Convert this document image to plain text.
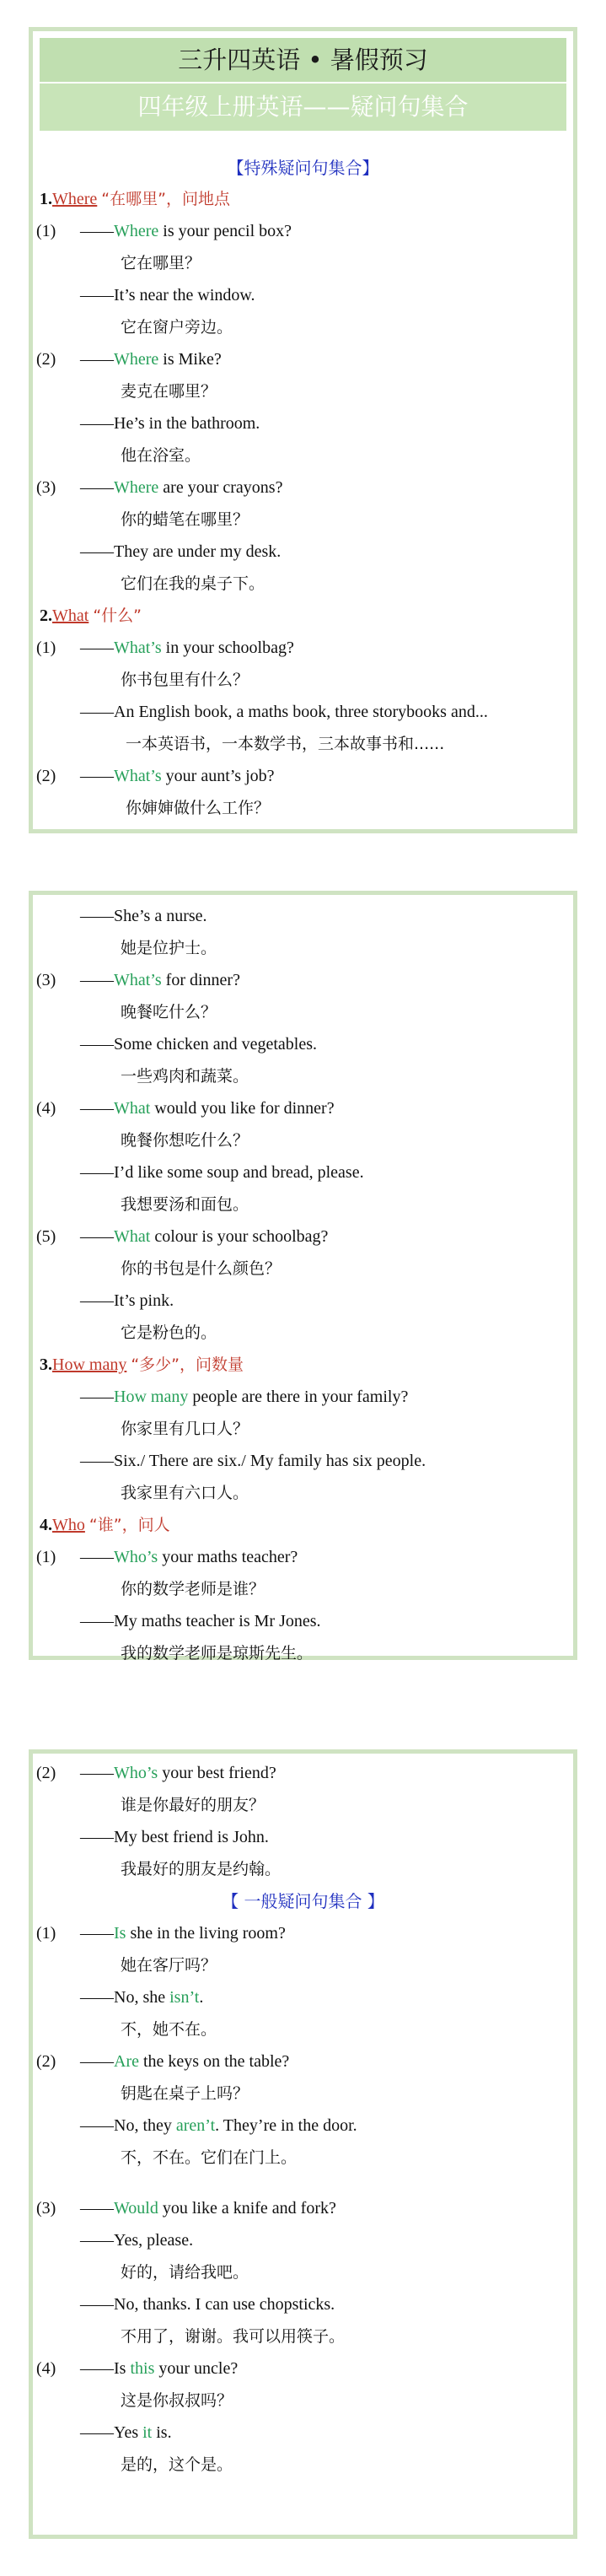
三升四英语 • 暑假预习
四年级上册英语——疑问句集合
【特殊疑问句集合】
1.Where “在哪里”，问地点
(1) ——Where is your pencil box?
它在哪里？
——It’s near the window.
它在窗户旁边。
(2) ——Where is Mike?
麦克在哪里？
——He’s in the bathroom.
他在浴室。
(3) ——Where are your crayons?
你的蜡笔在哪里？
——They are under my desk.
它们在我的桌子下。
2.What “什么”
(1) ——What’s in your schoolbag?
你书包里有什么？
——An English book, a maths book, three storybooks and...
一本英语书，一本数学书，三本故事书和......
(2) ——What’s your aunt’s job?
你婶婶做什么工作？
——She’s a nurse.
她是位护士。
(3) ——What’s for dinner?
晚餐吃什么？
——Some chicken and vegetables.
一些鸡肉和蔬菜。
(4) ——What would you like for dinner?
晚餐你想吃什么？
——I’d like some soup and bread, please.
我想要汤和面包。
(5) ——What colour is your schoolbag?
你的书包是什么颜色？
——It’s pink.
它是粉色的。
3.How many “多少”，问数量
——How many people are there in your family?
你家里有几口人？
——Six./ There are six./ My family has six people.
我家里有六口人。
4.Who “谁”，问人
(1) ——Who’s your maths teacher?
你的数学老师是谁？
——My maths teacher is Mr Jones.
我的数学老师是琼斯先生。
(2) ——Who’s your best friend?
谁是你最好的朋友？
——My best friend is John.
我最好的朋友是约翰。
【 一般疑问句集合 】
(1) ——Is she in the living room?
她在客厅吗？
——No, she isn’t.
不，她不在。
(2) ——Are the keys on the table?
钥匙在桌子上吗？
——No, they aren’t. They’re in the door.
不，不在。它们在门上。
(3) ——Would you like a knife and fork?
——Yes, please.
好的，请给我吧。
——No, thanks. I can use chopsticks.
不用了，谢谢。我可以用筷子。
(4) ——Is this your uncle?
这是你叔叔吗？
——Yes it is.
是的，这个是。
